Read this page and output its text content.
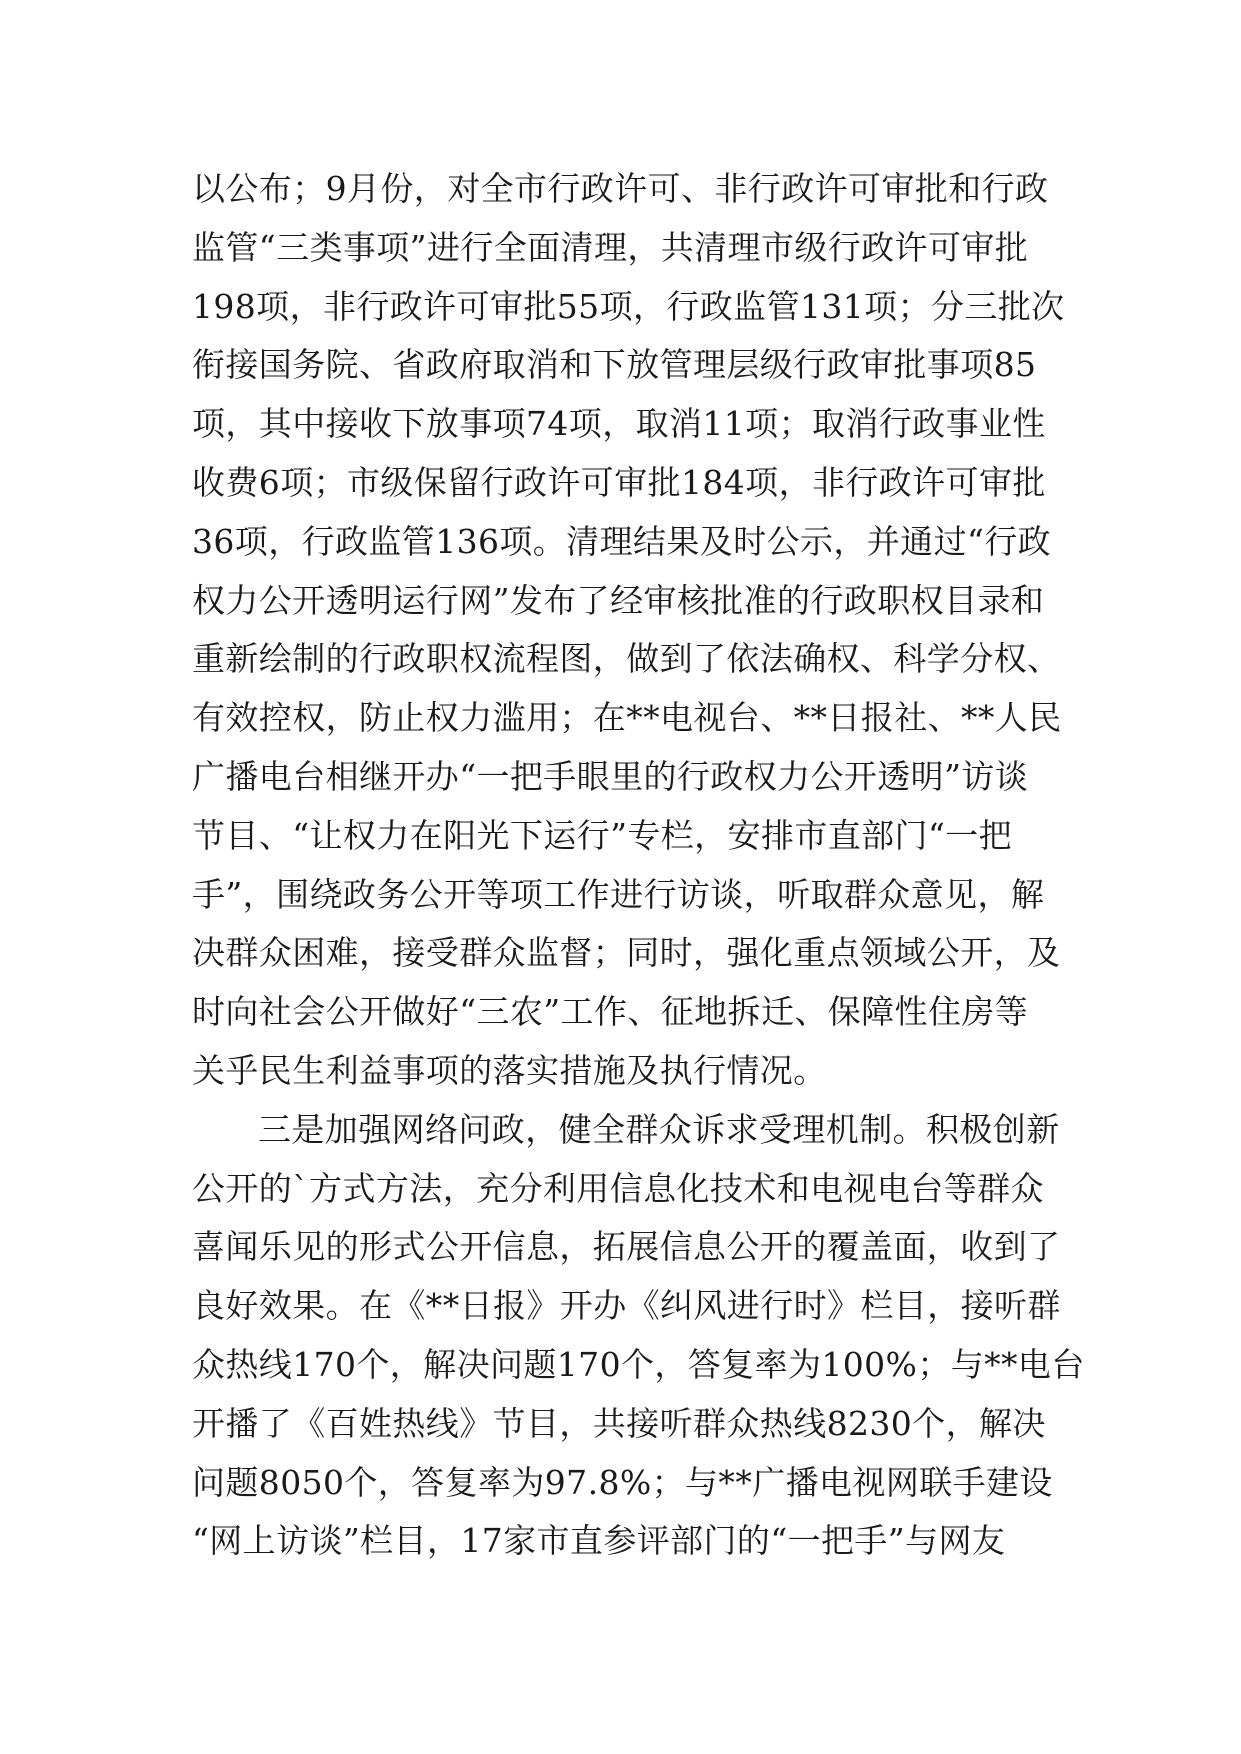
以公布；9月份，对全市行政许可、非行政许可审批和行政
监管“三类事项”进行全面清理，共清理市级行政许可审批
198项，非行政许可审批55项，行政监管131项；分三批次
衔接国务院、省政府取消和下放管理层级行政审批事项85
项，其中接收下放事项74项，取消11项；取消行政事业性
收费6项；市级保留行政许可审批184项，非行政许可审批
36项，行政监管136项。清理结果及时公示，并通过“行政
权力公开透明运行网”发布了经审核批准的行政职权目录和
重新绘制的行政职权流程图，做到了依法确权、科学分权、
有效控权，防止权力滥用；在**电视台、**日报社、**人民
广播电台相继开办“一把手眼里的行政权力公开透明”访谈
节目、“让权力在阳光下运行”专栏，安排市直部门“一把
手”，围绕政务公开等项工作进行访谈，听取群众意见，解
决群众困难，接受群众监督；同时，强化重点领域公开，及
时向社会公开做好“三农”工作、征地拆迁、保障性住房等
关乎民生利益事项的落实措施及执行情况。
三是加强网络问政，健全群众诉求受理机制。积极创新
公开的`方式方法，充分利用信息化技术和电视电台等群众
喜闻乐见的形式公开信息，拓展信息公开的覆盖面，收到了
良好效果。在《**日报》开办《纠风进行时》栏目，接听群
众热线170个，解决问题170个，答复率为100%；与**电台
开播了《百姓热线》节目，共接听群众热线8230个，解决
问题8050个，答复率为97.8%；与**广播电视网联手建设
“网上访谈”栏目，17家市直参评部门的“一把手”与网友
